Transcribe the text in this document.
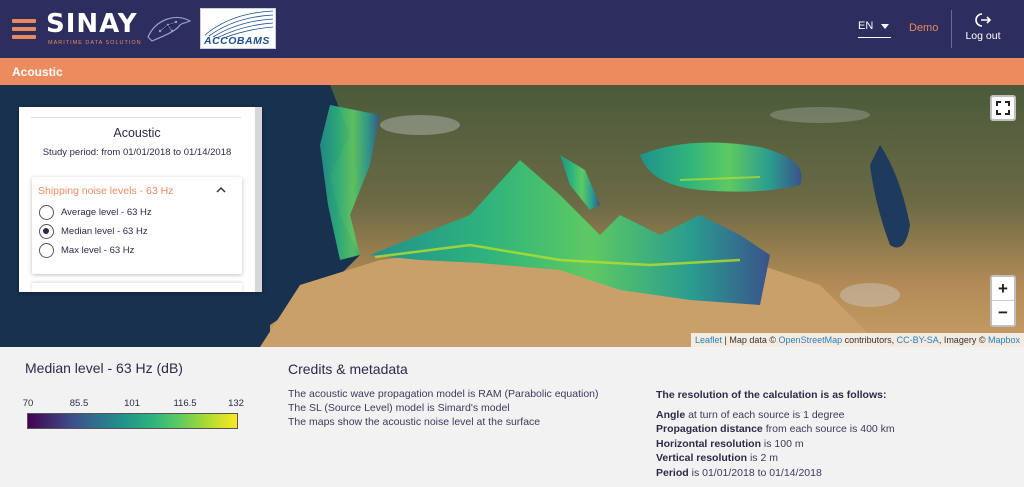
SINAY
MARITIME DATA SOLUTION	ACCOBAMS
EN	Demo
Log out
Acoustic
+
−
Leaflet | Map data © OpenStreetMap contributors, CC-BY-SA, Imagery © Mapbox
Acoustic
Study period: from 01/01/2018 to 01/14/2018
Shipping noise levels - 63 Hz
Average level - 63 Hz
Median level - 63 Hz
Max level - 63 Hz
Median level - 63 Hz (dB)
70	85.5	101	116.5	132
Credits & metadata
The acoustic wave propagation model is RAM (Parabolic equation)
The SL (Source Level) model is Simard's model
The maps show the acoustic noise level at the surface
The resolution of the calculation is as follows:
Angle at turn of each source is 1 degree
Propagation distance from each source is 400 km
Horizontal resolution is 100 m
Vertical resolution is 2 m
Period is 01/01/2018 to 01/14/2018
